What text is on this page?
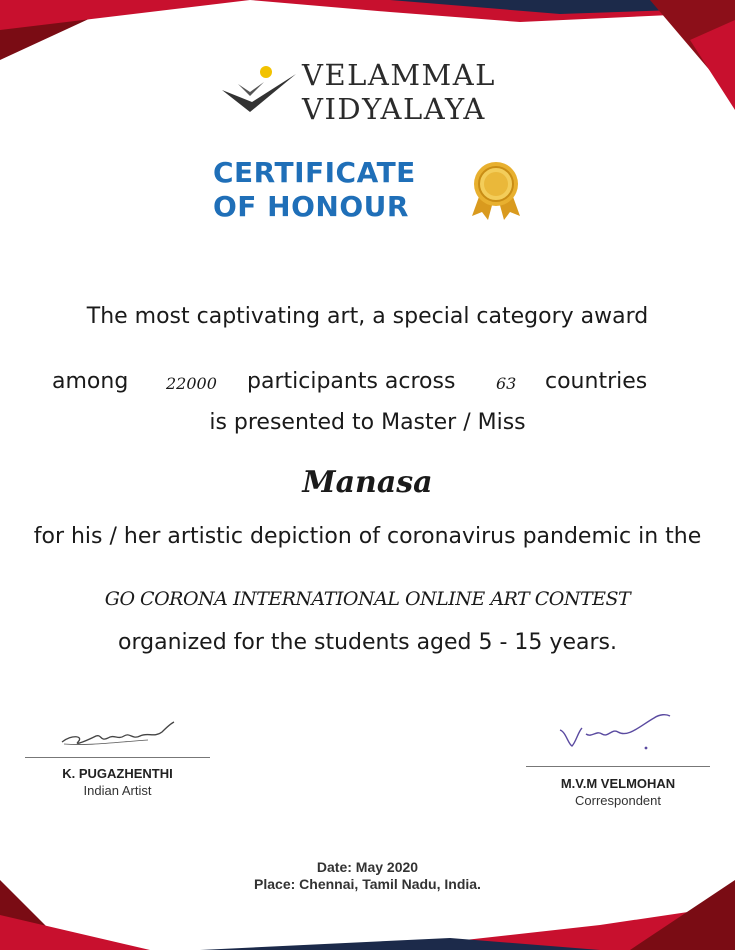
VELAMMAL
VIDYALAYA
CERTIFICATE
OF HONOUR
The most captivating art, a special category award
among 22000 participants across	63 countries
is presented to Master / Miss
Manasa
for his / her artistic depiction of coronavirus pandemic in the
GO CORONA INTERNATIONAL ONLINE ART CONTEST
organized for the students aged 5 - 15 years.
K. PUGAZHENTHI
Indian Artist	M.V.M VELMOHAN
Correspondent
Date: May 2020
Place: Chennai, Tamil Nadu, India.
